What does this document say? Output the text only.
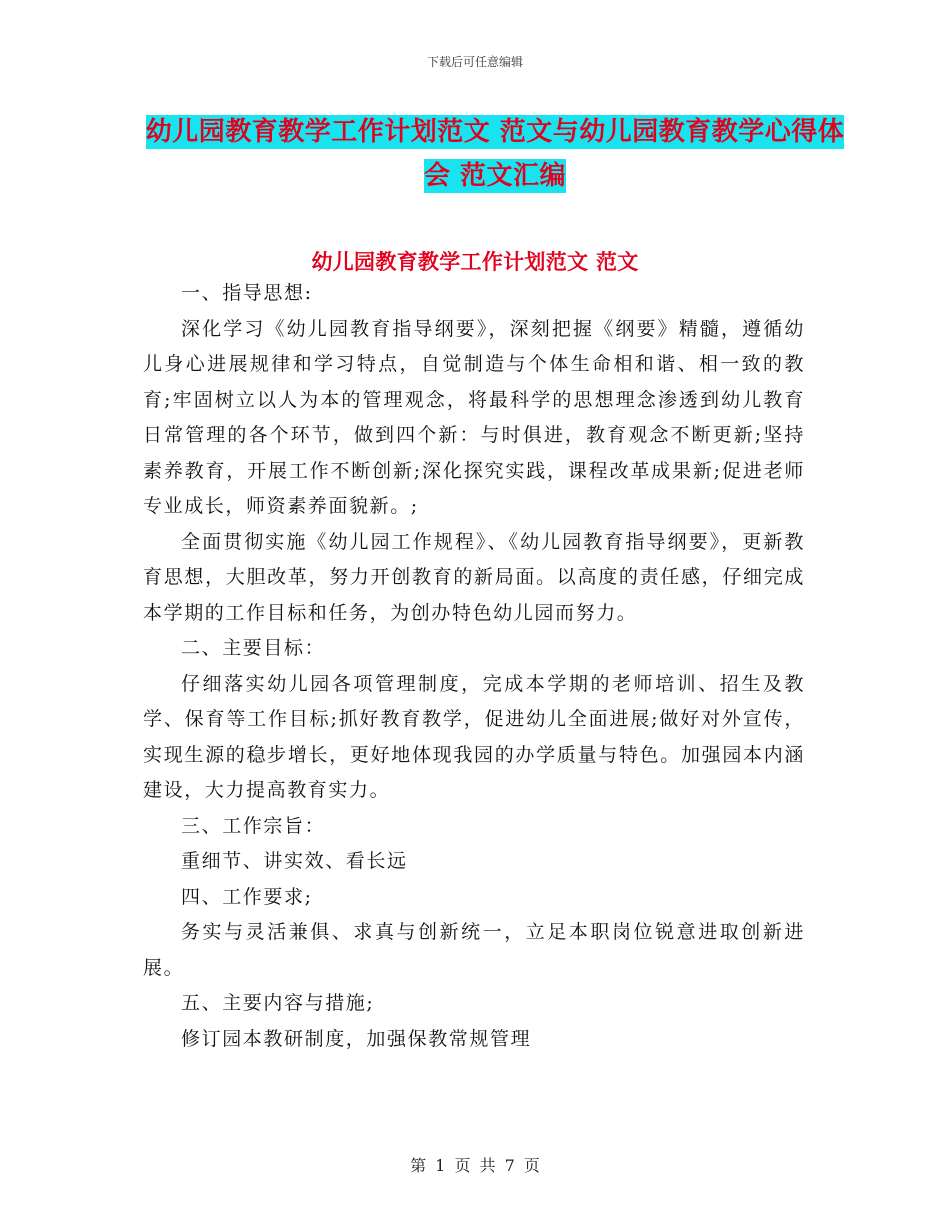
下载后可任意编辑
幼儿园教育教学工作计划范文 范文与幼儿园教育教学心得体会 范文汇编
幼儿园教育教学工作计划范文 范文

一、指导思想:

深化学习《幼儿园教育指导纲要》，深刻把握《纲要》精髓，遵循幼儿身心进展规律和学习特点，自觉制造与个体生命相和谐、相一致的教育;牢固树立以人为本的管理观念，将最科学的思想理念渗透到幼儿教育日常管理的各个环节，做到四个新：与时俱进，教育观念不断更新;坚持素养教育，开展工作不断创新;深化探究实践，课程改革成果新;促进老师专业成长，师资素养面貌新。;

全面贯彻实施《幼儿园工作规程》、《幼儿园教育指导纲要》，更新教育思想，大胆改革，努力开创教育的新局面。以高度的责任感，仔细完成本学期的工作目标和任务，为创办特色幼儿园而努力。

二、主要目标：

仔细落实幼儿园各项管理制度，完成本学期的老师培训、招生及教学、保育等工作目标;抓好教育教学，促进幼儿全面进展;做好对外宣传，实现生源的稳步增长，更好地体现我园的办学质量与特色。加强园本内涵建设，大力提高教育实力。

三、工作宗旨：

重细节、讲实效、看长远

四、工作要求;

务实与灵活兼俱、求真与创新统一，立足本职岗位锐意进取创新进展。

五、主要内容与措施;

修订园本教研制度，加强保教常规管理

第 1 页 共 7 页
